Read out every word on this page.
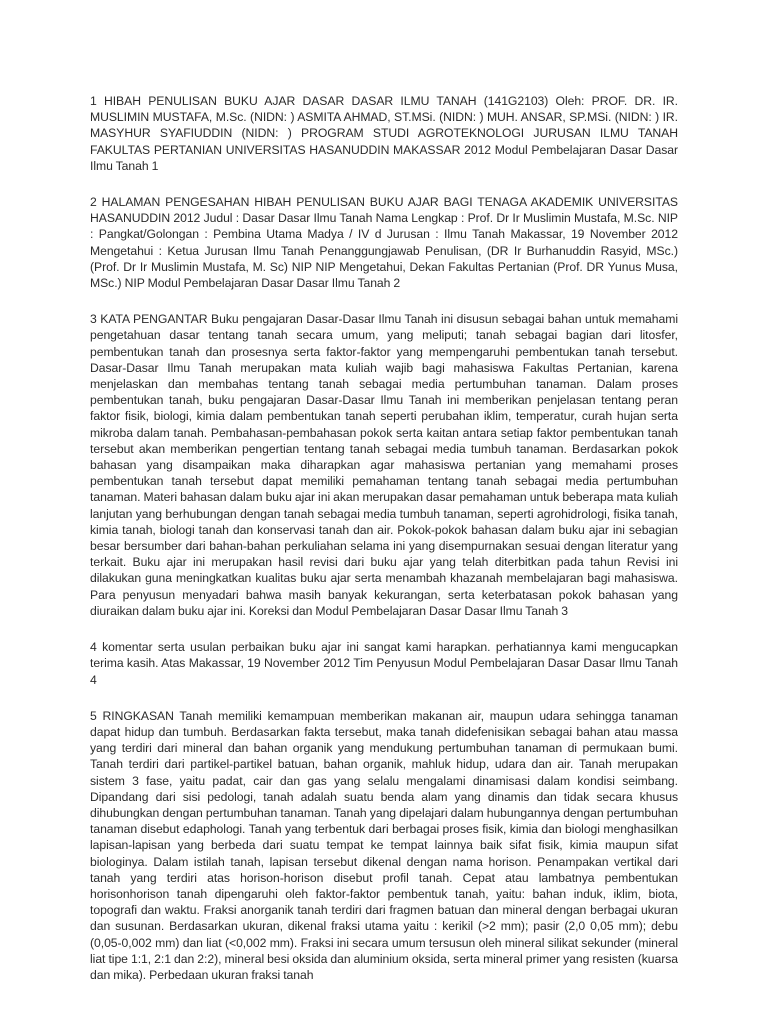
1 HIBAH PENULISAN BUKU AJAR DASAR DASAR ILMU TANAH (141G2103) Oleh: PROF. DR. IR. MUSLIMIN MUSTAFA, M.Sc. (NIDN: ) ASMITA AHMAD, ST.MSi. (NIDN: ) MUH. ANSAR, SP.MSi. (NIDN: ) IR. MASYHUR SYAFIUDDIN (NIDN: ) PROGRAM STUDI AGROTEKNOLOGI JURUSAN ILMU TANAH FAKULTAS PERTANIAN UNIVERSITAS HASANUDDIN MAKASSAR 2012 Modul Pembelajaran Dasar Dasar Ilmu Tanah 1

2 HALAMAN PENGESAHAN HIBAH PENULISAN BUKU AJAR BAGI TENAGA AKADEMIK UNIVERSITAS HASANUDDIN 2012 Judul : Dasar Dasar Ilmu Tanah Nama Lengkap : Prof. Dr Ir Muslimin Mustafa, M.Sc. NIP : Pangkat/Golongan : Pembina Utama Madya / IV d Jurusan : Ilmu Tanah Makassar, 19 November 2012 Mengetahui : Ketua Jurusan Ilmu Tanah Penanggungjawab Penulisan, (DR Ir Burhanuddin Rasyid, MSc.) (Prof. Dr Ir Muslimin Mustafa, M. Sc) NIP NIP Mengetahui, Dekan Fakultas Pertanian (Prof. DR Yunus Musa, MSc.) NIP Modul Pembelajaran Dasar Dasar Ilmu Tanah 2

3 KATA PENGANTAR Buku pengajaran Dasar-Dasar Ilmu Tanah ini disusun sebagai bahan untuk memahami pengetahuan dasar tentang tanah secara umum, yang meliputi; tanah sebagai bagian dari litosfer, pembentukan tanah dan prosesnya serta faktor-faktor yang mempengaruhi pembentukan tanah tersebut. Dasar-Dasar Ilmu Tanah merupakan mata kuliah wajib bagi mahasiswa Fakultas Pertanian, karena menjelaskan dan membahas tentang tanah sebagai media pertumbuhan tanaman. Dalam proses pembentukan tanah, buku pengajaran Dasar-Dasar Ilmu Tanah ini memberikan penjelasan tentang peran faktor fisik, biologi, kimia dalam pembentukan tanah seperti perubahan iklim, temperatur, curah hujan serta mikroba dalam tanah. Pembahasan-pembahasan pokok serta kaitan antara setiap faktor pembentukan tanah tersebut akan memberikan pengertian tentang tanah sebagai media tumbuh tanaman. Berdasarkan pokok bahasan yang disampaikan maka diharapkan agar mahasiswa pertanian yang memahami proses pembentukan tanah tersebut dapat memiliki pemahaman tentang tanah sebagai media pertumbuhan tanaman. Materi bahasan dalam buku ajar ini akan merupakan dasar pemahaman untuk beberapa mata kuliah lanjutan yang berhubungan dengan tanah sebagai media tumbuh tanaman, seperti agrohidrologi, fisika tanah, kimia tanah, biologi tanah dan konservasi tanah dan air. Pokok-pokok bahasan dalam buku ajar ini sebagian besar bersumber dari bahan-bahan perkuliahan selama ini yang disempurnakan sesuai dengan literatur yang terkait. Buku ajar ini merupakan hasil revisi dari buku ajar yang telah diterbitkan pada tahun Revisi ini dilakukan guna meningkatkan kualitas buku ajar serta menambah khazanah membelajaran bagi mahasiswa. Para penyusun menyadari bahwa masih banyak kekurangan, serta keterbatasan pokok bahasan yang diuraikan dalam buku ajar ini. Koreksi dan Modul Pembelajaran Dasar Dasar Ilmu Tanah 3

4 komentar serta usulan perbaikan buku ajar ini sangat kami harapkan. perhatiannya kami mengucapkan terima kasih. Atas Makassar, 19 November 2012 Tim Penyusun Modul Pembelajaran Dasar Dasar Ilmu Tanah 4

5 RINGKASAN Tanah memiliki kemampuan memberikan makanan air, maupun udara sehingga tanaman dapat hidup dan tumbuh. Berdasarkan fakta tersebut, maka tanah didefenisikan sebagai bahan atau massa yang terdiri dari mineral dan bahan organik yang mendukung pertumbuhan tanaman di permukaan bumi. Tanah terdiri dari partikel-partikel batuan, bahan organik, mahluk hidup, udara dan air. Tanah merupakan sistem 3 fase, yaitu padat, cair dan gas yang selalu mengalami dinamisasi dalam kondisi seimbang. Dipandang dari sisi pedologi, tanah adalah suatu benda alam yang dinamis dan tidak secara khusus dihubungkan dengan pertumbuhan tanaman. Tanah yang dipelajari dalam hubungannya dengan pertumbuhan tanaman disebut edaphologi. Tanah yang terbentuk dari berbagai proses fisik, kimia dan biologi menghasilkan lapisan-lapisan yang berbeda dari suatu tempat ke tempat lainnya baik sifat fisik, kimia maupun sifat biologinya. Dalam istilah tanah, lapisan tersebut dikenal dengan nama horison. Penampakan vertikal dari tanah yang terdiri atas horison-horison disebut profil tanah. Cepat atau lambatnya pembentukan horisonhorison tanah dipengaruhi oleh faktor-faktor pembentuk tanah, yaitu: bahan induk, iklim, biota, topografi dan waktu. Fraksi anorganik tanah terdiri dari fragmen batuan dan mineral dengan berbagai ukuran dan susunan. Berdasarkan ukuran, dikenal fraksi utama yaitu : kerikil (>2 mm); pasir (2,0 0,05 mm); debu (0,05-0,002 mm) dan liat (<0,002 mm). Fraksi ini secara umum tersusun oleh mineral silikat sekunder (mineral liat tipe 1:1, 2:1 dan 2:2), mineral besi oksida dan aluminium oksida, serta mineral primer yang resisten (kuarsa dan mika). Perbedaan ukuran fraksi tanah
